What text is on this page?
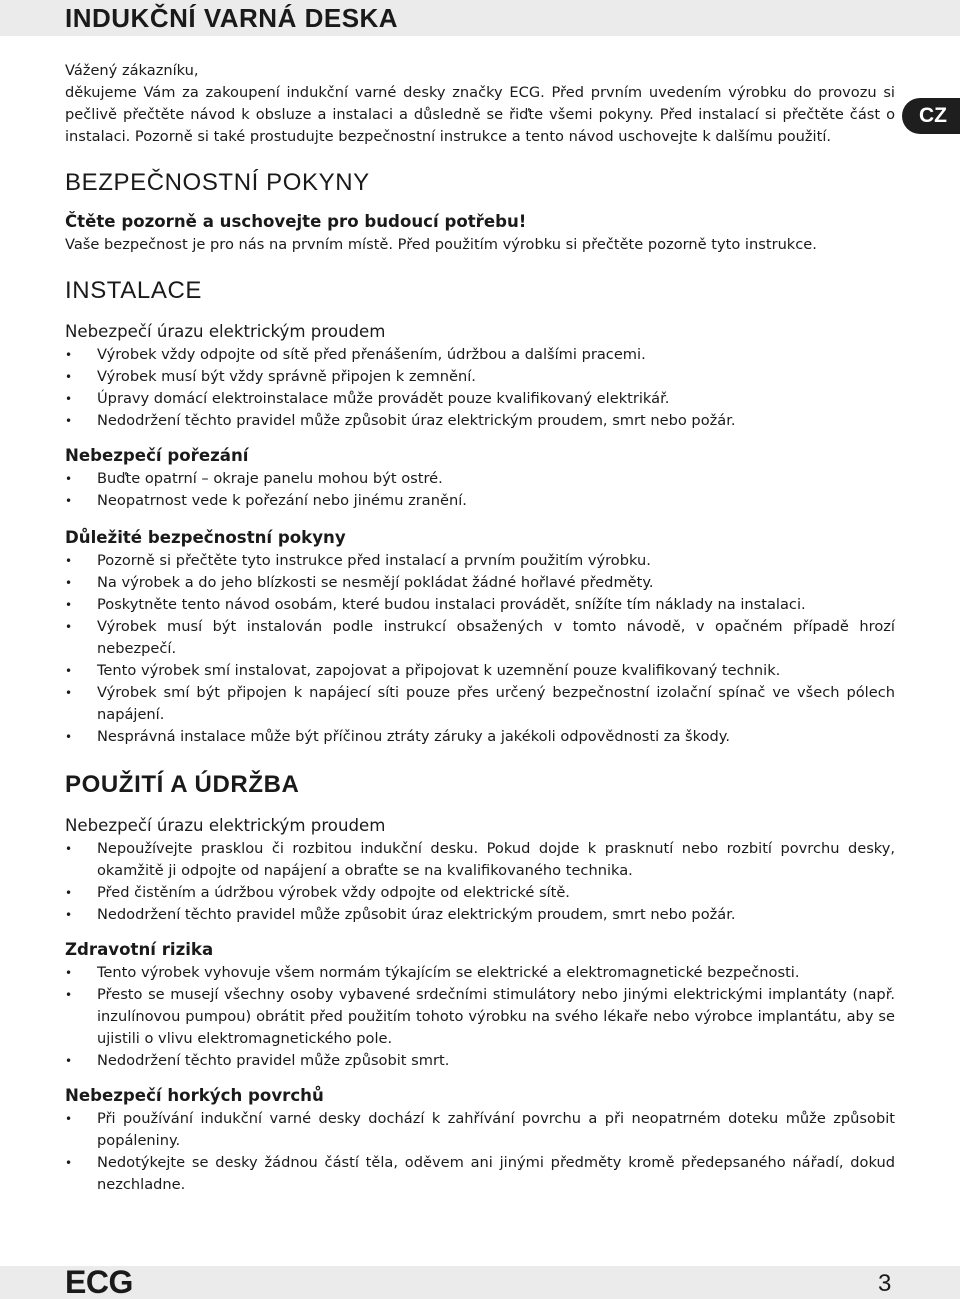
INDUKČNÍ VARNÁ DESKA
CZ

Vážený zákazníku,

děkujeme Vám za zakoupení indukční varné desky značky ECG. Před prvním uvedením výrobku do provozu si pečlivě přečtěte návod k obsluze a instalaci a důsledně se řiďte všemi pokyny. Před instalací si přečtěte část o instalaci. Pozorně si také prostudujte bezpečnostní instrukce a tento návod uschovejte k dalšímu použití.

BEZPEČNOSTNÍ POKYNY

Čtěte pozorně a uschovejte pro budoucí potřebu!

Vaše bezpečnost je pro nás na prvním místě. Před použitím výrobku si přečtěte pozorně tyto instrukce.

INSTALACE
Nebezpečí úrazu elektrickým proudem
• Výrobek vždy odpojte od sítě před přenášením, údržbou a dalšími pracemi.
• Výrobek musí být vždy správně připojen k zemnění.
• Úpravy domácí elektroinstalace může provádět pouze kvalifikovaný elektrikář.
• Nedodržení těchto pravidel může způsobit úraz elektrickým proudem, smrt nebo požár.
Nebezpečí pořezání
• Buďte opatrní – okraje panelu mohou být ostré.
• Neopatrnost vede k pořezání nebo jinému zranění.
Důležité bezpečnostní pokyny
• Pozorně si přečtěte tyto instrukce před instalací a prvním použitím výrobku.
• Na výrobek a do jeho blízkosti se nesmějí pokládat žádné hořlavé předměty.
• Poskytněte tento návod osobám, které budou instalaci provádět, snížíte tím náklady na instalaci.
• Výrobek musí být instalován podle instrukcí obsažených v tomto návodě, v opačném případě hrozí nebezpečí.
• Tento výrobek smí instalovat, zapojovat a připojovat k uzemnění pouze kvalifikovaný technik.
• Výrobek smí být připojen k napájecí síti pouze přes určený bezpečnostní izolační spínač ve všech pólech napájení.
• Nesprávná instalace může být příčinou ztráty záruky a jakékoli odpovědnosti za škody.
POUŽITÍ A ÚDRŽBA
Nebezpečí úrazu elektrickým proudem
• Nepoužívejte prasklou či rozbitou indukční desku. Pokud dojde k prasknutí nebo rozbití povrchu desky, okamžitě ji odpojte od napájení a obraťte se na kvalifikovaného technika.
• Před čistěním a údržbou výrobek vždy odpojte od elektrické sítě.
• Nedodržení těchto pravidel může způsobit úraz elektrickým proudem, smrt nebo požár.
Zdravotní rizika
• Tento výrobek vyhovuje všem normám týkajícím se elektrické a elektromagnetické bezpečnosti.
• Přesto se musejí všechny osoby vybavené srdečními stimulátory nebo jinými elektrickými implantáty (např. inzulínovou pumpou) obrátit před použitím tohoto výrobku na svého lékaře nebo výrobce implantátu, aby se ujistili o vlivu elektromagnetického pole.
• Nedodržení těchto pravidel může způsobit smrt.
Nebezpečí horkých povrchů
• Při používání indukční varné desky dochází k zahřívání povrchu a při neopatrném doteku může způsobit popáleniny.
• Nedotýkejte se desky žádnou částí těla, oděvem ani jinými předměty kromě předepsaného nářadí, dokud nezchladne.
ECG	3
